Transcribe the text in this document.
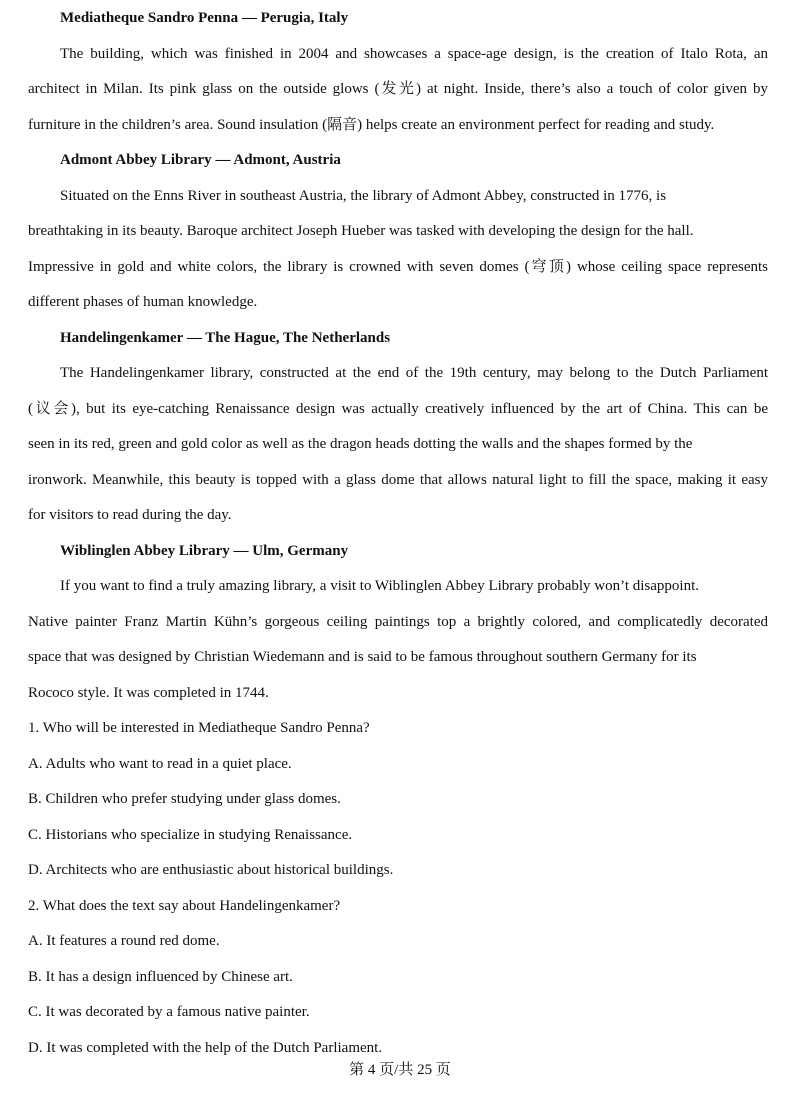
Mediatheque Sandro Penna — Perugia, Italy
The building, which was finished in 2004 and showcases a space-age design, is the creation of Italo Rota, an
architect in Milan. Its pink glass on the outside glows (发光) at night. Inside, there’s also a touch of color given by
furniture in the children’s area. Sound insulation (隔音) helps create an environment perfect for reading and study.
Admont Abbey Library — Admont, Austria
Situated on the Enns River in southeast Austria, the library of Admont Abbey, constructed in 1776, is
breathtaking in its beauty. Baroque architect Joseph Hueber was tasked with developing the design for the hall.
Impressive in gold and white colors, the library is crowned with seven domes (穹顶) whose ceiling space represents
different phases of human knowledge.
Handelingenkamer — The Hague, The Netherlands
The Handelingenkamer library, constructed at the end of the 19th century, may belong to the Dutch Parliament
(议会), but its eye-catching Renaissance design was actually creatively influenced by the art of China. This can be
seen in its red, green and gold color as well as the dragon heads dotting the walls and the shapes formed by the
ironwork. Meanwhile, this beauty is topped with a glass dome that allows natural light to fill the space, making it easy
for visitors to read during the day.
Wiblinglen Abbey Library — Ulm, Germany
If you want to find a truly amazing library, a visit to Wiblinglen Abbey Library probably won’t disappoint.
Native painter Franz Martin Kühn’s gorgeous ceiling paintings top a brightly colored, and complicatedly decorated
space that was designed by Christian Wiedemann and is said to be famous throughout southern Germany for its
Rococo style. It was completed in 1744.
1. Who will be interested in Mediatheque Sandro Penna?
A. Adults who want to read in a quiet place.
B. Children who prefer studying under glass domes.
C. Historians who specialize in studying Renaissance.
D. Architects who are enthusiastic about historical buildings.
2. What does the text say about Handelingenkamer?
A. It features a round red dome.
B. It has a design influenced by Chinese art.
C. It was decorated by a famous native painter.
D. It was completed with the help of the Dutch Parliament.
第 4 页/共 25 页
